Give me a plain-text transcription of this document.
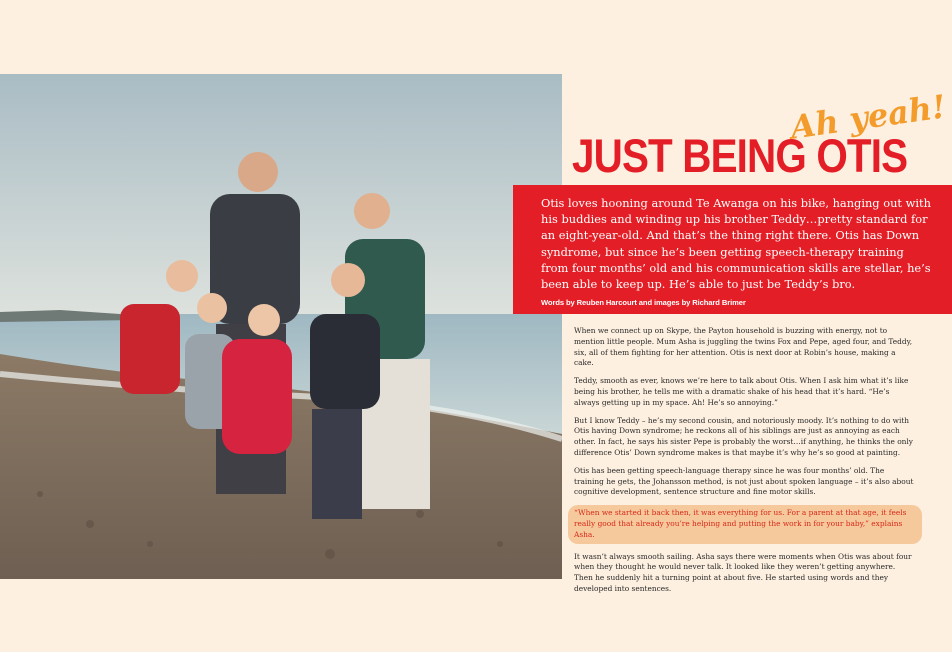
JUST BEING OTIS
Ah yeah!

Otis loves hooning around Te Awanga on his bike, hanging out with his buddies and winding up his brother Teddy…pretty standard for an eight-year-old. And that’s the thing right there. Otis has Down syndrome, but since he’s been getting speech-therapy training from four months’ old and his communication skills are stellar, he’s been able to keep up. He’s able to just be Teddy’s bro.

Words by Reuben Harcourt and images by Richard Brimer

When we connect up on Skype, the Payton household is buzzing with energy, not to mention little people. Mum Asha is juggling the twins Fox and Pepe, aged four, and Teddy, six, all of them fighting for her attention. Otis is next door at Robin’s house, making a cake.

Teddy, smooth as ever, knows we’re here to talk about Otis. When I ask him what it’s like being his brother, he tells me with a dramatic shake of his head that it’s hard. “He’s always getting up in my space. Ah! He’s so annoying.”

But I know Teddy – he’s my second cousin, and notoriously moody. It’s nothing to do with Otis having Down syndrome; he reckons all of his siblings are just as annoying as each other. In fact, he says his sister Pepe is probably the worst…if anything, he thinks the only difference Otis’ Down syndrome makes is that maybe it’s why he’s so good at painting.

Otis has been getting speech-language therapy since he was four months’ old. The training he gets, the Johansson method, is not just about spoken language – it’s also about cognitive development, sentence structure and fine motor skills.

“When we started it back then, it was everything for us. For a parent at that age, it feels really good that already you’re helping and putting the work in for your baby,” explains Asha.

It wasn’t always smooth sailing. Asha says there were moments when Otis was about four when they thought he would never talk. It looked like they weren’t getting anywhere. Then he suddenly hit a turning point at about five. He started using words and they developed into sentences.
